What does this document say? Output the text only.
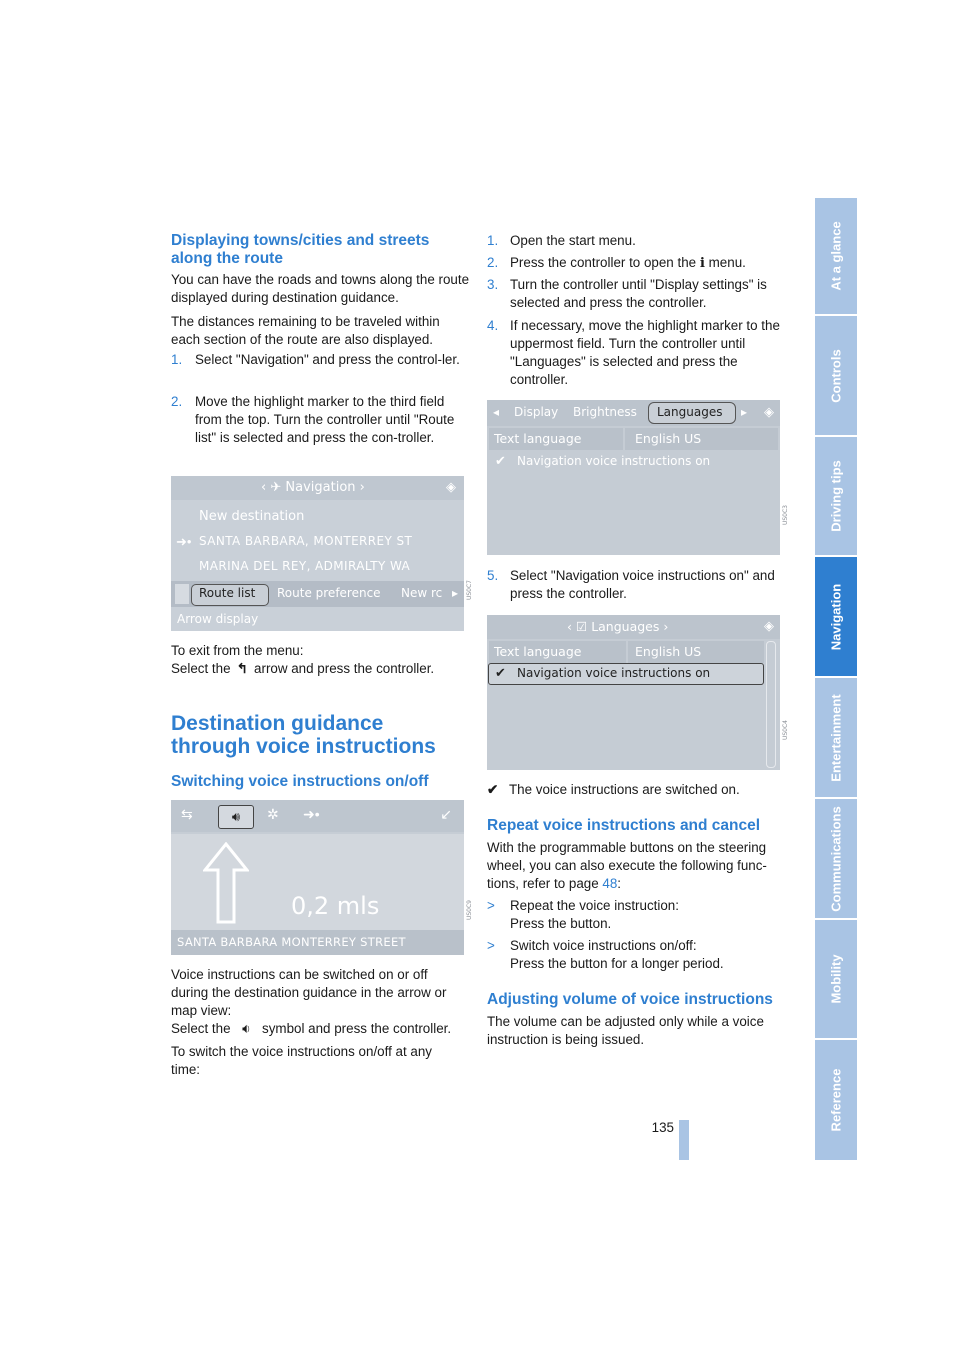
Displaying towns/cities and streets along the route

You can have the roads and towns along the route displayed during destination guidance.

The distances remaining to be traveled within each section of the route are also displayed.

1. Select "Navigation" and press the control-ler.
2. Move the highlight marker to the third field from the top. Turn the controller until "Route list" is selected and press the con-troller.
‹ ✈ Navigation ›	◈
New destination
➜• SANTA BARBARA, MONTERREY ST
MARINA DEL REY, ADMIRALTY WA
Route list Route preference New rc ▸
Arrow display
US0C7

To exit from the menu:

Select the ↰ arrow and press the controller.

Destination guidance
through voice instructions
Switching voice instructions on/off
⇆	🔊︎	✲ ➜•	↙
0,2 mls
SANTA BARBARA MONTERREY STREET
US0C9

Voice instructions can be switched on or off

during the destination guidance in the arrow or

map view:

Select the 🔉︎ symbol and press the controller.

To switch the voice instructions on/off at any time:

1. Open the start menu.
2. Press the controller to open the i menu.
3. Turn the controller until "Display settings" is selected and press the controller.
4. If necessary, move the highlight marker to the uppermost field. Turn the controller until "Languages" is selected and press the controller.
◂ Display Brightness Languages ▸ ◈
Text language	English US
✔︎ Navigation voice instructions on
US0C3
5. Select "Navigation voice instructions on" and press the controller.
‹ ☑ Languages ›	◈
Text language	English US
✔︎ Navigation voice instructions on
US0C4

✔︎ The voice instructions are switched on.

Repeat voice instructions and cancel

With the programmable buttons on the steering wheel, you can also execute the following func-tions, refer to page 48:

>	Repeat the voice instruction:
Press the button.
>	Switch voice instructions on/off:
Press the button for a longer period.
Adjusting volume of voice instructions

The volume can be adjusted only while a voice instruction is being issued.

135
At a glance
Controls
Driving tips
Navigation
Entertainment
Communications
Mobility
Reference
